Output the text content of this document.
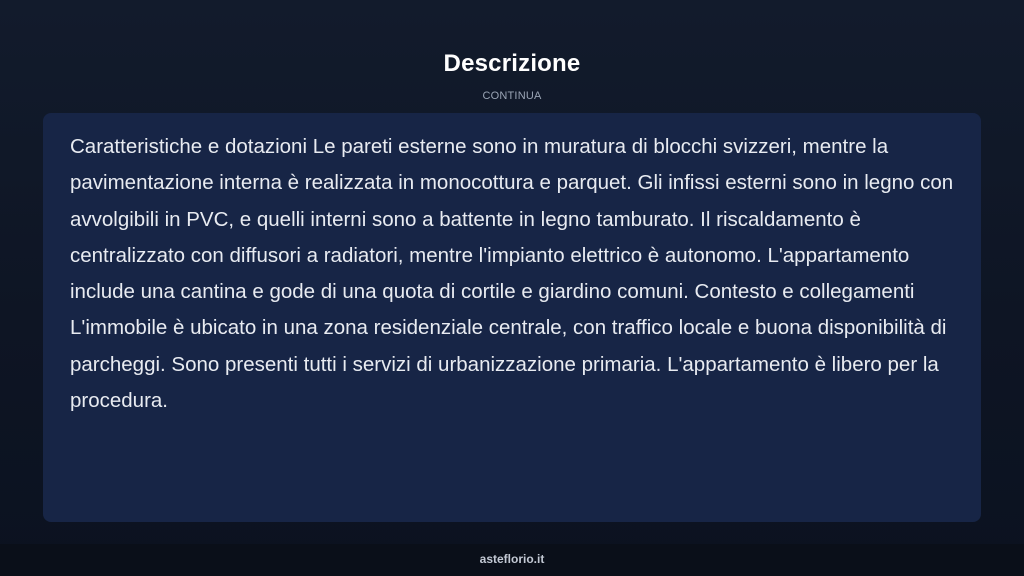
Descrizione
CONTINUA

Caratteristiche e dotazioni Le pareti esterne sono in muratura di blocchi svizzeri, mentre la pavimentazione interna è realizzata in monocottura e parquet. Gli infissi esterni sono in legno con avvolgibili in PVC, e quelli interni sono a battente in legno tamburato. Il riscaldamento è centralizzato con diffusori a radiatori, mentre l'impianto elettrico è autonomo. L'appartamento include una cantina e gode di una quota di cortile e giardino comuni. Contesto e collegamenti L'immobile è ubicato in una zona residenziale centrale, con traffico locale e buona disponibilità di parcheggi. Sono presenti tutti i servizi di urbanizzazione primaria. L'appartamento è libero per la procedura.

asteflorio.it
